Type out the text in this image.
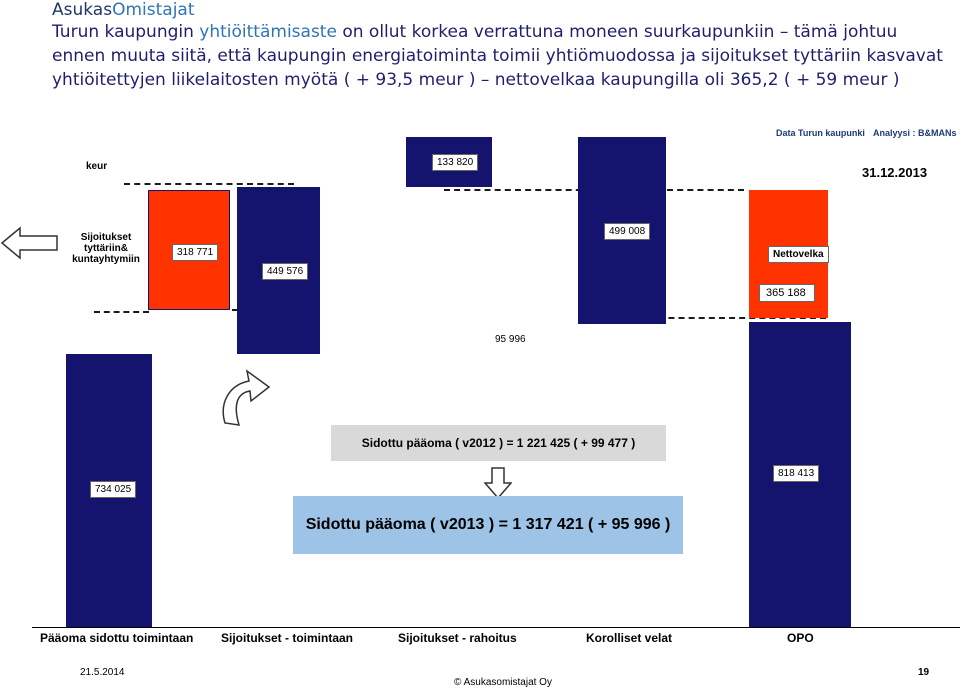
AsukasOmistajat
Turun kaupungin yhtiöittämisaste on ollut korkea verrattuna moneen suurkaupunkiin – tämä johtuu ennen muuta siitä, että kaupungin energiatoiminta toimii yhtiömuodossa ja sijoitukset tyttäriin kasvavat yhtiöitettyjen liikelaitosten myötä ( + 93,5 meur ) – nettovelkaa kaupungilla oli 365,2 ( + 59 meur )
Data Turun kaupunki Analyysi : B&MANs
keur	31.12.2013
734 025
318 771
449 576
133 820
95 996
499 008
365 188
818 413
Nettovelka
Sijoitukset tyttäriin& kuntayhtymiin
Sidottu pääoma ( v2012 ) = 1 221 425 ( + 99 477 )
Sidottu pääoma ( v2013 ) = 1 317 421 ( + 95 996 )
Pääoma sidottu toimintaan Sijoitukset - toimintaan	Sijoitukset - rahoitus	Korolliset velat	OPO
21.5.2014
© Asukasomistajat Oy
19
